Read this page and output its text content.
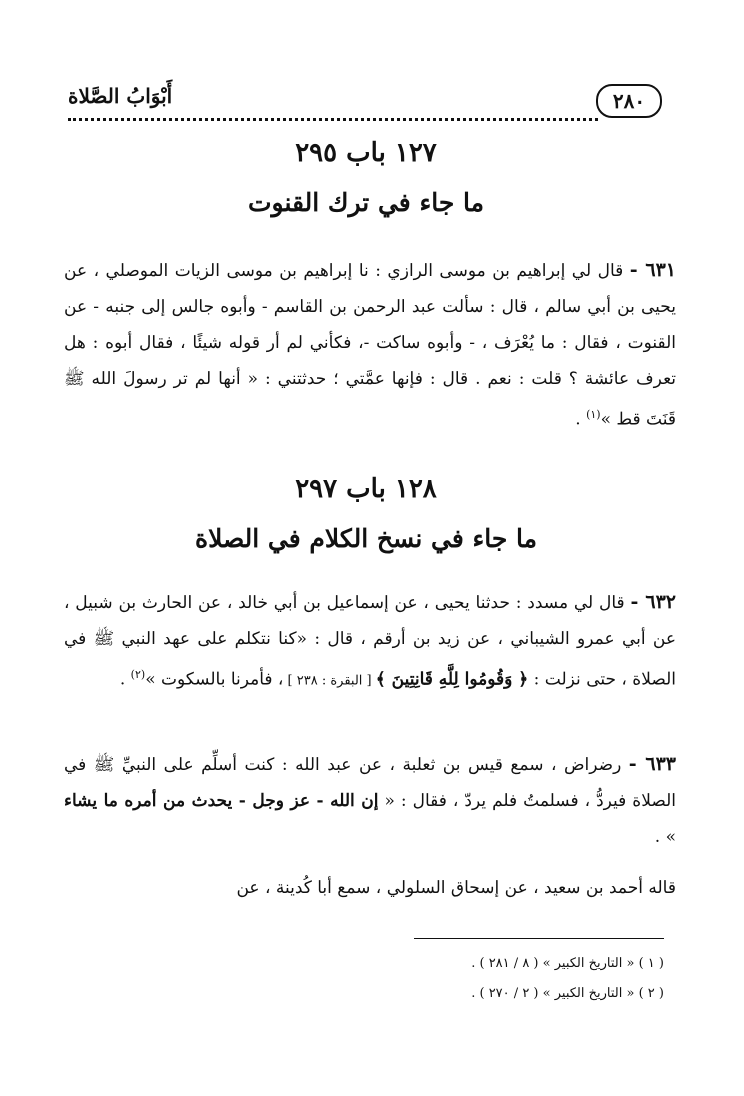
٢٨٠
أَبْوَابُ الصَّلاة
١٢٧ باب ٢٩٥
ما جاء في ترك القنوت
٦٣١ - قال لي إبراهيم بن موسى الرازي : نا إبراهيم بن موسى الزيات الموصلي ، عن يحيى بن أبي سالم ، قال : سألت عبد الرحمن بن القاسم - وأبوه جالس إلى جنبه - عن القنوت ، فقال : ما يُعْرَف ، - وأبوه ساكت -، فكأني لم أر قوله شيئًا ، فقال أبوه : هل تعرف عائشة ؟ قلت : نعم . قال : فإنها عمَّتي ؛ حدثتني : « أنها لم تر رسولَ الله ﷺ قَنَتَ قط »$^{(١)}$ .
١٢٨ باب ٢٩٧
ما جاء في نسخ الكلام في الصلاة
٦٣٢ - قال لي مسدد : حدثنا يحيى ، عن إسماعيل بن أبي خالد ، عن الحارث بن شبيل ، عن أبي عمرو الشيباني ، عن زيد بن أرقم ، قال : «كنا نتكلم على عهد النبي ﷺ في الصلاة ، حتى نزلت : ﴿ وَقُومُوا لِلَّهِ قَانِتِينَ ﴾ [ البقرة : ٢٣٨ ] ، فأمرنا بالسكوت »$^{(٢)}$ .
٦٣٣ - رضراض ، سمع قيس بن ثعلبة ، عن عبد الله : كنت أسلِّم على النبيِّ ﷺ في الصلاة فيردُّ ، فسلمتُ فلم يردّ ، فقال : « إن الله - عز وجل - يحدث من أمره ما يشاء » .
قاله أحمد بن سعيد ، عن إسحاق السلولي ، سمع أبا كُدينة ، عن
( ١ ) « التاريخ الكبير » ( ٨ / ٢٨١ ) .
( ٢ ) « التاريخ الكبير » ( ٢ / ٢٧٠ ) .
